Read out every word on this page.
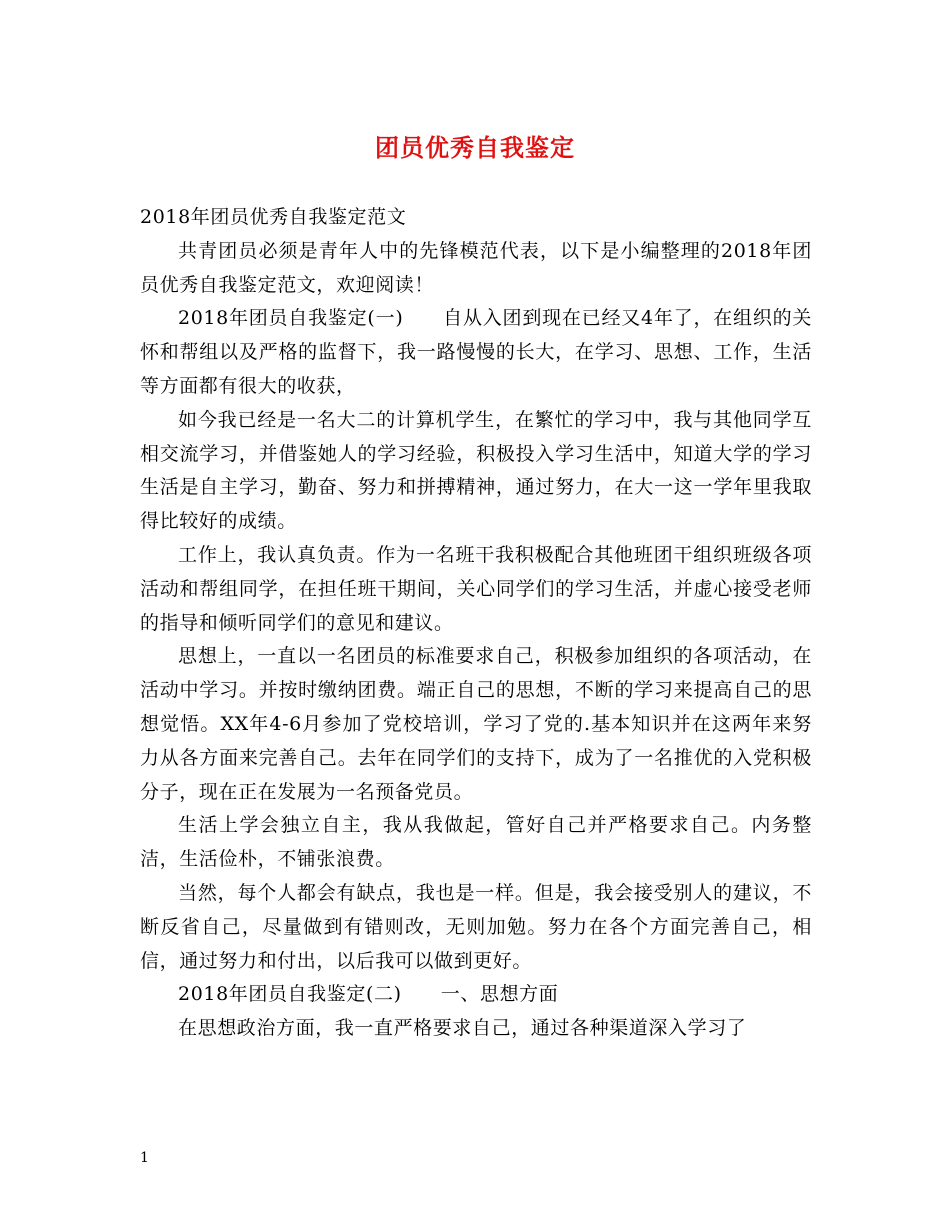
团员优秀自我鉴定

2018年团员优秀自我鉴定范文

共青团员必须是青年人中的先锋模范代表，以下是小编整理的2018年团员优秀自我鉴定范文，欢迎阅读！

2018年团员自我鉴定(一)　　自从入团到现在已经又4年了，在组织的关怀和帮组以及严格的监督下，我一路慢慢的长大，在学习、思想、工作，生活等方面都有很大的收获，

如今我已经是一名大二的计算机学生，在繁忙的学习中，我与其他同学互相交流学习，并借鉴她人的学习经验，积极投入学习生活中，知道大学的学习生活是自主学习，勤奋、努力和拼搏精神，通过努力，在大一这一学年里我取得比较好的成绩。

工作上，我认真负责。作为一名班干我积极配合其他班团干组织班级各项活动和帮组同学，在担任班干期间，关心同学们的学习生活，并虚心接受老师的指导和倾听同学们的意见和建议。

思想上，一直以一名团员的标准要求自己，积极参加组织的各项活动，在活动中学习。并按时缴纳团费。端正自己的思想，不断的学习来提高自己的思想觉悟。XX年4-6月参加了党校培训，学习了党的.基本知识并在这两年来努力从各方面来完善自己。去年在同学们的支持下，成为了一名推优的入党积极分子，现在正在发展为一名预备党员。

生活上学会独立自主，我从我做起，管好自己并严格要求自己。内务整洁，生活俭朴，不铺张浪费。

当然，每个人都会有缺点，我也是一样。但是，我会接受别人的建议，不断反省自己，尽量做到有错则改，无则加勉。努力在各个方面完善自己，相信，通过努力和付出，以后我可以做到更好。

2018年团员自我鉴定(二)　　一、思想方面

在思想政治方面，我一直严格要求自己，通过各种渠道深入学习了

1
